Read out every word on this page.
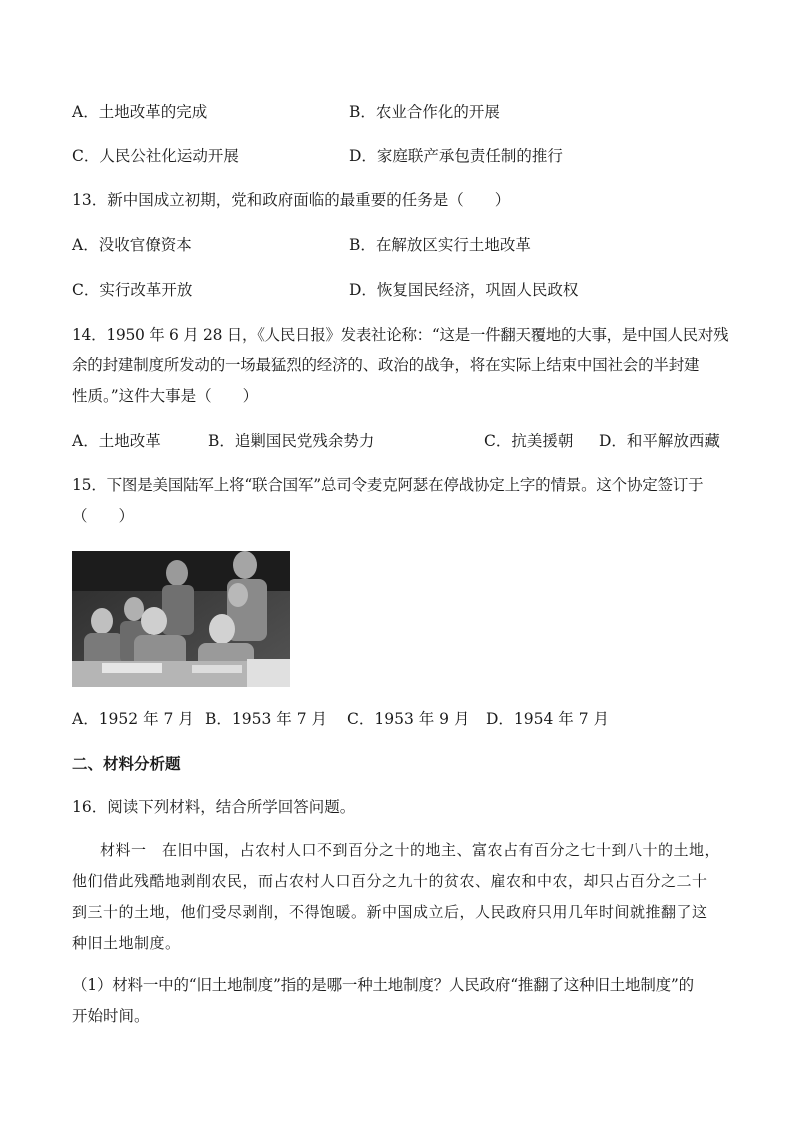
A．土地改革的完成	B．农业合作化的开展
C．人民公社化运动开展	D．家庭联产承包责任制的推行
13．新中国成立初期，党和政府面临的最重要的任务是（　　）
A．没收官僚资本	B．在解放区实行土地改革
C．实行改革开放	D．恢复国民经济，巩固人民政权
14．1950 年 6 月 28 日，《人民日报》发表社论称：“这是一件翻天覆地的大事，是中国人民对残
余的封建制度所发动的一场最猛烈的经济的、政治的战争，将在实际上结束中国社会的半封建
性质。”这件大事是（　　）
A．土地改革	B．追剿国民党残余势力	C．抗美援朝 D．和平解放西藏
15．下图是美国陆军上将“联合国军”总司令麦克阿瑟在停战协定上字的情景。这个协定签订于
（　　）
A．1952 年 7 月 B．1953 年 7 月 C．1953 年 9 月 D．1954 年 7 月
二、材料分析题
16．阅读下列材料，结合所学回答问题。
材料一　在旧中国，占农村人口不到百分之十的地主、富农占有百分之七十到八十的土地，
他们借此残酷地剥削农民，而占农村人口百分之九十的贫农、雇农和中农，却只占百分之二十
到三十的土地，他们受尽剥削，不得饱暖。新中国成立后，人民政府只用几年时间就推翻了这
种旧土地制度。
（1）材料一中的“旧土地制度”指的是哪一种土地制度？人民政府“推翻了这种旧土地制度”的
开始时间。
